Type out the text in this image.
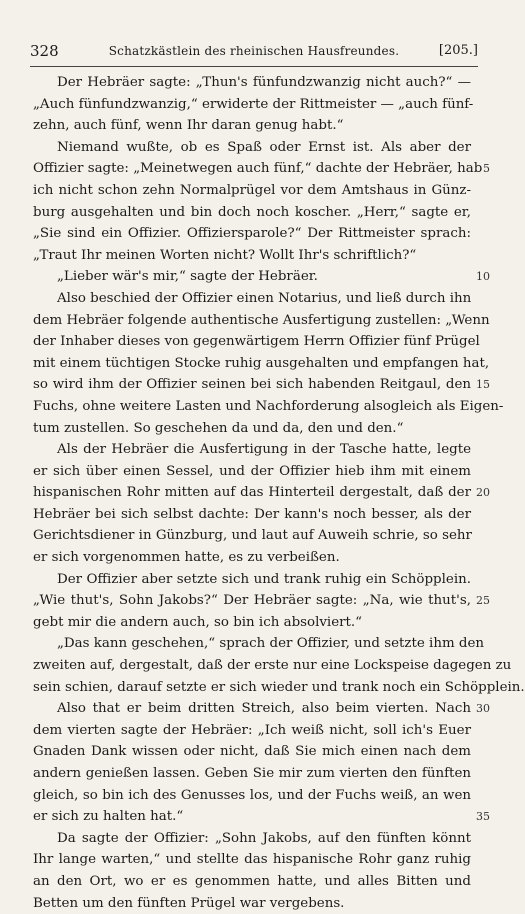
328	Schatzkästlein des rheinischen Hausfreundes.	[205.]
Der Hebräer sagte: „Thun's fünfundzwanzig nicht auch?“ —
„Auch fünfundzwanzig,“ erwiderte der Rittmeister — „auch fünf-
zehn, auch fünf, wenn Ihr daran genug habt.“
Niemand wußte, ob es Spaß oder Ernst ist. Als aber der
Offizier sagte: „Meinetwegen auch fünf,“ dachte der Hebräer, hab
ich nicht schon zehn Normalprügel vor dem Amtshaus in Günz-
burg ausgehalten und bin doch noch koscher. „Herr,“ sagte er,
„Sie sind ein Offizier. Offiziersparole?“ Der Rittmeister sprach:
„Traut Ihr meinen Worten nicht? Wollt Ihr's schriftlich?“
„Lieber wär's mir,“ sagte der Hebräer.
Also beschied der Offizier einen Notarius, und ließ durch ihn
dem Hebräer folgende authentische Ausfertigung zustellen: „Wenn
der Inhaber dieses von gegenwärtigem Herrn Offizier fünf Prügel
mit einem tüchtigen Stocke ruhig ausgehalten und empfangen hat,
so wird ihm der Offizier seinen bei sich habenden Reitgaul, den
Fuchs, ohne weitere Lasten und Nachforderung alsogleich als Eigen-
tum zustellen. So geschehen da und da, den und den.“
Als der Hebräer die Ausfertigung in der Tasche hatte, legte
er sich über einen Sessel, und der Offizier hieb ihm mit einem
hispanischen Rohr mitten auf das Hinterteil dergestalt, daß der
Hebräer bei sich selbst dachte: Der kann's noch besser, als der
Gerichtsdiener in Günzburg, und laut auf Auweih schrie, so sehr
er sich vorgenommen hatte, es zu verbeißen.
Der Offizier aber setzte sich und trank ruhig ein Schöpplein.
„Wie thut's, Sohn Jakobs?“ Der Hebräer sagte: „Na, wie thut's,
gebt mir die andern auch, so bin ich absolviert.“
„Das kann geschehen,“ sprach der Offizier, und setzte ihm den
zweiten auf, dergestalt, daß der erste nur eine Lockspeise dagegen zu
sein schien, darauf setzte er sich wieder und trank noch ein Schöpplein.
Also that er beim dritten Streich, also beim vierten. Nach
dem vierten sagte der Hebräer: „Ich weiß nicht, soll ich's Euer
Gnaden Dank wissen oder nicht, daß Sie mich einen nach dem
andern genießen lassen. Geben Sie mir zum vierten den fünften
gleich, so bin ich des Genusses los, und der Fuchs weiß, an wen
er sich zu halten hat.“
Da sagte der Offizier: „Sohn Jakobs, auf den fünften könnt
Ihr lange warten,“ und stellte das hispanische Rohr ganz ruhig
an den Ort, wo er es genommen hatte, und alles Bitten und
Betten um den fünften Prügel war vergebens.
5
10
15
20
25
30
35
